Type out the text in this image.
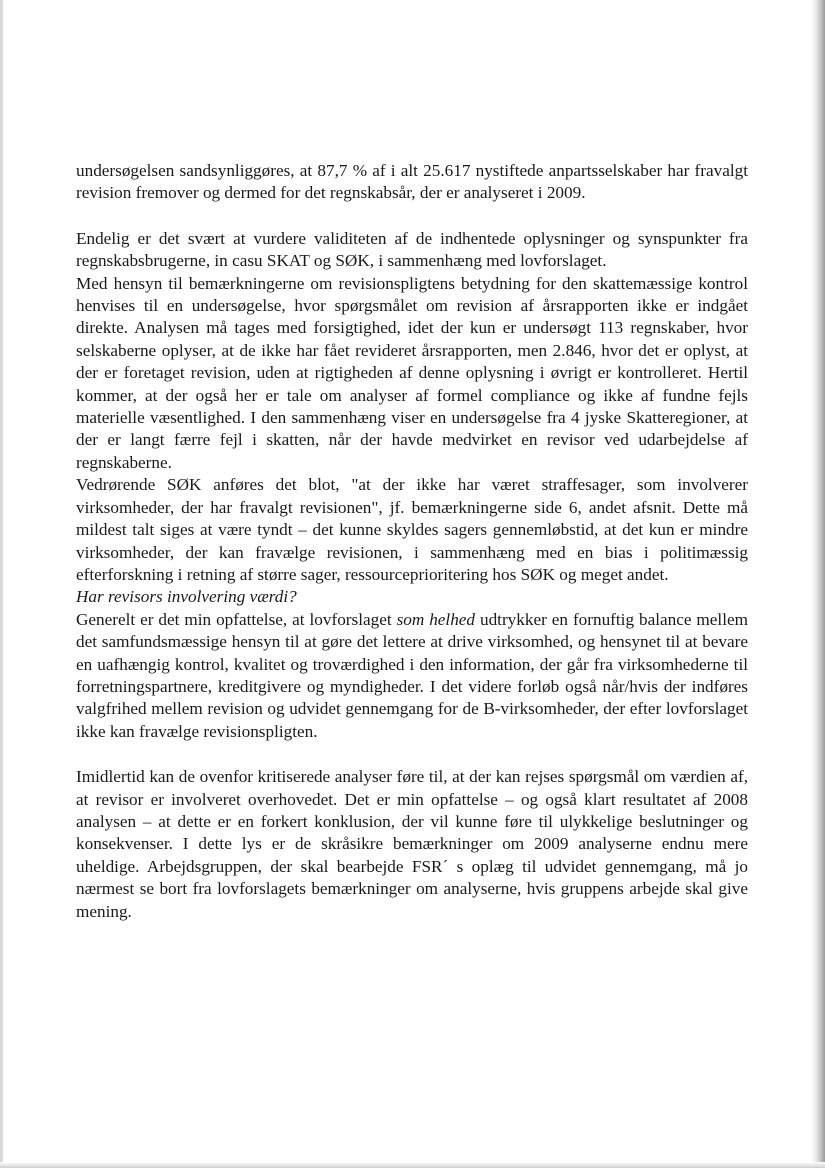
undersøgelsen sandsynliggøres, at 87,7 % af i alt 25.617 nystiftede anpartsselskaber har fravalgt revision fremover og dermed for det regnskabsår, der er analyseret i 2009.

Endelig er det svært at vurdere validiteten af de indhentede oplysninger og synspunkter fra regnskabsbrugerne, in casu SKAT og SØK, i sammenhæng med lovforslaget.

Med hensyn til bemærkningerne om revisionspligtens betydning for den skattemæssige kontrol henvises til en undersøgelse, hvor spørgsmålet om revision af årsrapporten ikke er indgået direkte. Analysen må tages med forsigtighed, idet der kun er undersøgt 113 regnskaber, hvor selskaberne oplyser, at de ikke har fået revideret årsrapporten, men 2.846, hvor det er oplyst, at der er foretaget revision, uden at rigtigheden af denne oplysning i øvrigt er kontrolleret. Hertil kommer, at der også her er tale om analyser af formel compliance og ikke af fundne fejls materielle væsentlighed. I den sammenhæng viser en undersøgelse fra 4 jyske Skatteregioner, at der er langt færre fejl i skatten, når der havde medvirket en revisor ved udarbejdelse af regnskaberne.

Vedrørende SØK anføres det blot, "at der ikke har været straffesager, som involverer virksomheder, der har fravalgt revisionen", jf. bemærkningerne side 6, andet afsnit. Dette må mildest talt siges at være tyndt – det kunne skyldes sagers gennemløbstid, at det kun er mindre virksomheder, der kan fravælge revisionen, i sammenhæng med en bias i politimæssig efterforskning i retning af større sager, ressourceprioritering hos SØK og meget andet.

Har revisors involvering værdi?

Generelt er det min opfattelse, at lovforslaget som helhed udtrykker en fornuftig balance mellem det samfundsmæssige hensyn til at gøre det lettere at drive virksomhed, og hensynet til at bevare en uafhængig kontrol, kvalitet og troværdighed i den information, der går fra virksomhederne til forretningspartnere, kreditgivere og myndigheder. I det videre forløb også når/hvis der indføres valgfrihed mellem revision og udvidet gennemgang for de B-virksomheder, der efter lovforslaget ikke kan fravælge revisionspligten.

Imidlertid kan de ovenfor kritiserede analyser føre til, at der kan rejses spørgsmål om værdien af, at revisor er involveret overhovedet. Det er min opfattelse – og også klart resultatet af 2008 analysen – at dette er en forkert konklusion, der vil kunne føre til ulykkelige beslutninger og konsekvenser. I dette lys er de skråsikre bemærkninger om 2009 analyserne endnu mere uheldige. Arbejdsgruppen, der skal bearbejde FSR´ s oplæg til udvidet gennemgang, må jo nærmest se bort fra lovforslagets bemærkninger om analyserne, hvis gruppens arbejde skal give mening.
